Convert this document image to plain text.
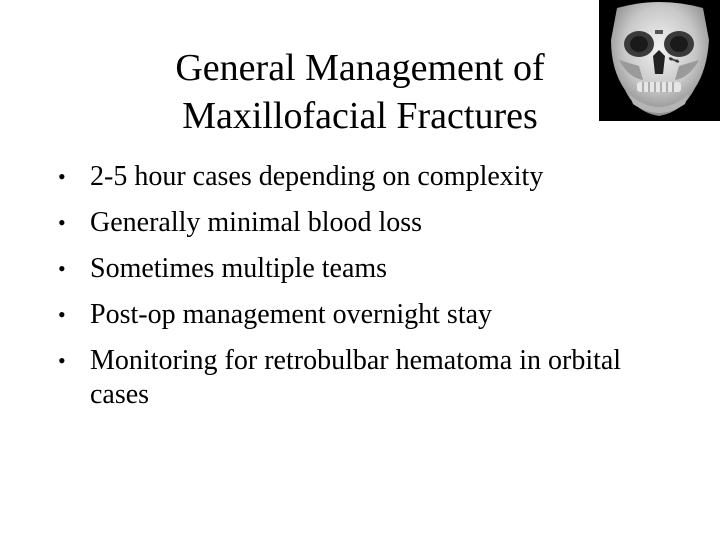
General Management of
Maxillofacial Fractures
• 2-5 hour cases depending on complexity
• Generally minimal blood loss
• Sometimes multiple teams
• Post-op management overnight stay
• Monitoring for retrobulbar hematoma in orbital cases
